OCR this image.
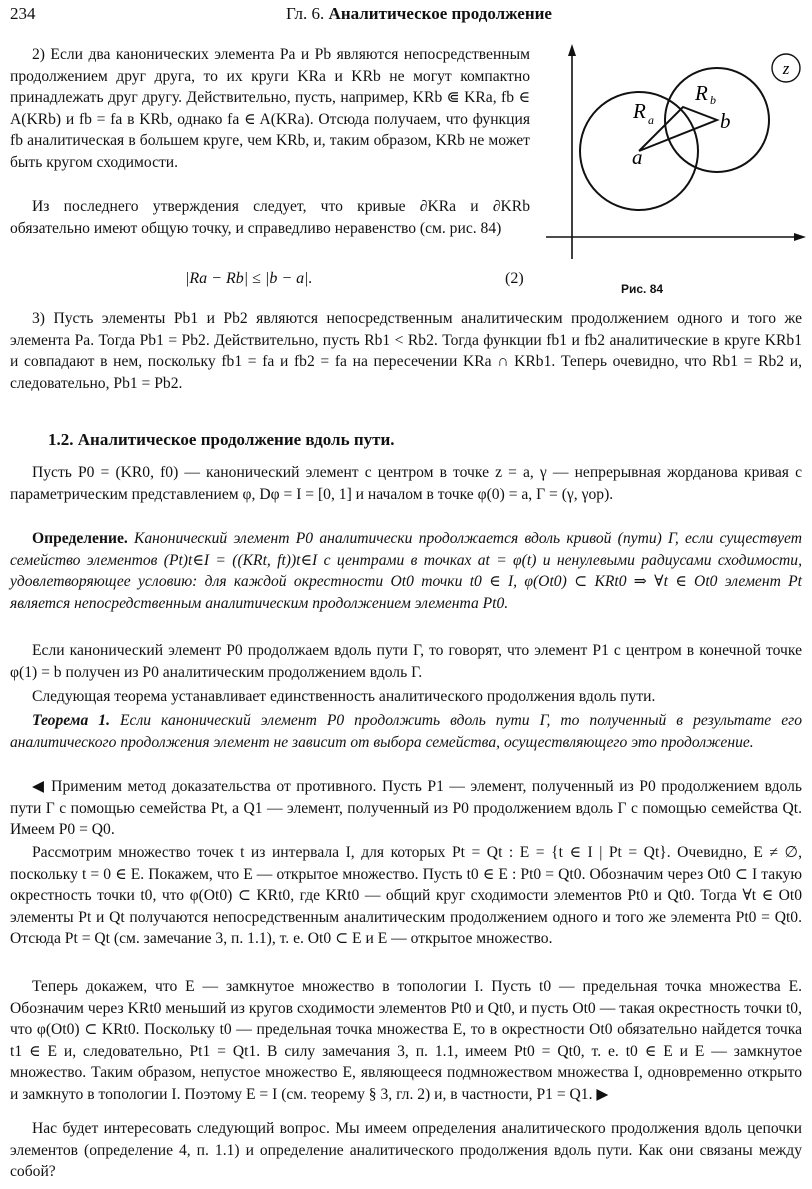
234	Гл. 6. Аналитическое продолжение
z
R a
R b
a
b
Рис. 84

2) Если два канонических элемента Pa и Pb являются непосредственным продолжением друг друга, то их круги KRa и KRb не могут компактно принадлежать друг другу. Действительно, пусть, например, KRb ⋐ KRa, fb ∈ A(KRb) и fb = fa в KRb, однако fa ∈ A(KRa). Отсюда получаем, что функция fb аналитическая в большем круге, чем KRb, и, таким образом, KRb не может быть кругом сходимости.

Из последнего утверждения следует, что кривые ∂KRa и ∂KRb обязательно имеют общую точку, и справедливо неравенство (см. рис. 84)

|Ra − Rb| ≤ |b − a|.	(2)

3) Пусть элементы Pb1 и Pb2 являются непосредственным аналитическим продолжением одного и того же элемента Pa. Тогда Pb1 = Pb2. Действительно, пусть Rb1 < Rb2. Тогда функции fb1 и fb2 аналитические в круге KRb1 и совпадают в нем, поскольку fb1 = fa и fb2 = fa на пересечении KRa ∩ KRb1. Теперь очевидно, что Rb1 = Rb2 и, следовательно, Pb1 = Pb2.

1.2. Аналитическое продолжение вдоль пути.

Пусть P0 = (KR0, f0) — канонический элемент с центром в точке z = a, γ — непрерывная жорданова кривая с параметрическим представлением φ, Dφ = I = [0, 1] и началом в точке φ(0) = a, Γ = (γ, γop).

Определение. Канонический элемент P0 аналитически продолжается вдоль кривой (пути) Γ, если существует семейство элементов (Pt)t∈I = ((KRt, ft))t∈I с центрами в точках at = φ(t) и ненулевыми радиусами сходимости, удовлетворяющее условию: для каждой окрестности Ot0 точки t0 ∈ I, φ(Ot0) ⊂ KRt0 ⇒ ∀t ∈ Ot0 элемент Pt является непосредственным аналитическим продолжением элемента Pt0.

Если канонический элемент P0 продолжаем вдоль пути Γ, то говорят, что элемент P1 с центром в конечной точке φ(1) = b получен из P0 аналитическим продолжением вдоль Γ.

Следующая теорема устанавливает единственность аналитического продолжения вдоль пути.

Теорема 1. Если канонический элемент P0 продолжить вдоль пути Γ, то полученный в результате его аналитического продолжения элемент не зависит от выбора семейства, осуществляющего это продолжение.

◀ Применим метод доказательства от противного. Пусть P1 — элемент, полученный из P0 продолжением вдоль пути Γ с помощью семейства Pt, а Q1 — элемент, полученный из P0 продолжением вдоль Γ с помощью семейства Qt. Имеем P0 = Q0.

Рассмотрим множество точек t из интервала I, для которых Pt = Qt : E = {t ∈ I | Pt = Qt}. Очевидно, E ≠ ∅, поскольку t = 0 ∈ E. Покажем, что E — открытое множество. Пусть t0 ∈ E : Pt0 = Qt0. Обозначим через Ot0 ⊂ I такую окрестность точки t0, что φ(Ot0) ⊂ KRt0, где KRt0 — общий круг сходимости элементов Pt0 и Qt0. Тогда ∀t ∈ Ot0 элементы Pt и Qt получаются непосредственным аналитическим продолжением одного и того же элемента Pt0 = Qt0. Отсюда Pt = Qt (см. замечание 3, п. 1.1), т. е. Ot0 ⊂ E и E — открытое множество.

Теперь докажем, что E — замкнутое множество в топологии I. Пусть t0 — предельная точка множества E. Обозначим через KRt0 меньший из кругов сходимости элементов Pt0 и Qt0, и пусть Ot0 — такая окрестность точки t0, что φ(Ot0) ⊂ KRt0. Поскольку t0 — предельная точка множества E, то в окрестности Ot0 обязательно найдется точка t1 ∈ E и, следовательно, Pt1 = Qt1. В силу замечания 3, п. 1.1, имеем Pt0 = Qt0, т. е. t0 ∈ E и E — замкнутое множество. Таким образом, непустое множество E, являющееся подмножеством множества I, одновременно открыто и замкнуто в топологии I. Поэтому E = I (см. теорему § 3, гл. 2) и, в частности, P1 = Q1. ▶

Нас будет интересовать следующий вопрос. Мы имеем определения аналитического продолжения вдоль цепочки элементов (определение 4, п. 1.1) и определение аналитического продолжения вдоль пути. Как они связаны между собой?
